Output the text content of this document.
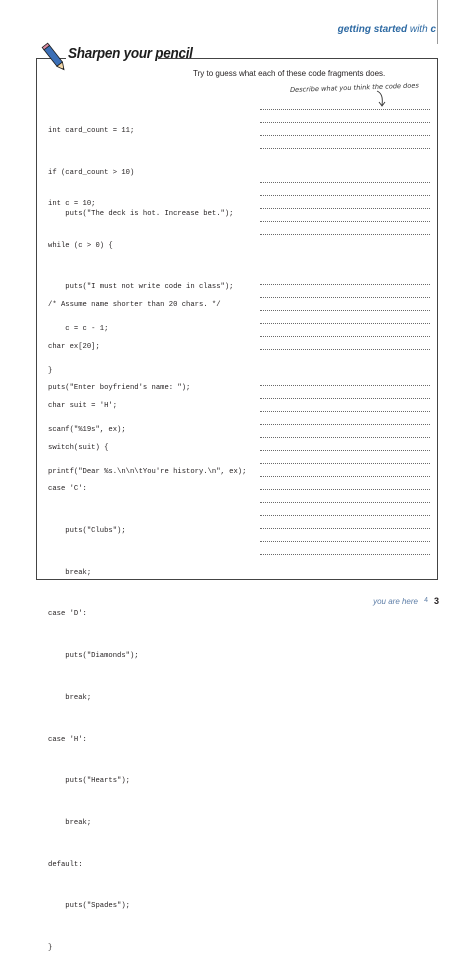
getting started with c
Sharpen your pencil
Try to guess what each of these code fragments does.
Describe what you think the code does

int card_count = 11;

if (card_count > 10)

puts("The deck is hot. Increase bet.");

int c = 10;

while (c > 0) {

puts("I must not write code in class");

c = c - 1;

}

/* Assume name shorter than 20 chars. */

char ex[20];

puts("Enter boyfriend's name: ");

scanf("%19s", ex);

printf("Dear %s.\n\n\tYou're history.\n", ex);

char suit = 'H';

switch(suit) {

case 'C':

puts("Clubs");

break;

case 'D':

puts("Diamonds");

break;

case 'H':

puts("Hearts");

break;

default:

puts("Spades");

}

you are here 4 3
